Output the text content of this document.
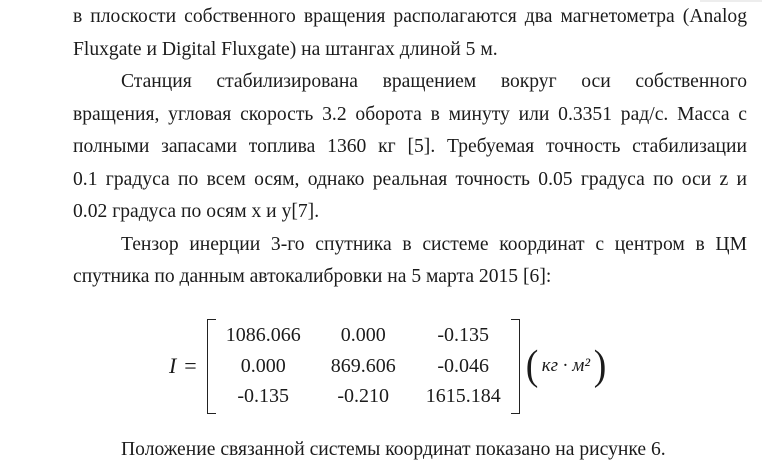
в плоскости собственного вращения располагаются два магнетометра (Analog
Fluxgate и Digital Fluxgate) на штангах длиной 5 м.
Станция стабилизирована вращением вокруг оси собственного
вращения, угловая скорость 3.2 оборота в минуту или 0.3351 рад/с. Масса с
полными запасами топлива 1360 кг [5]. Требуемая точность стабилизации
0.1 градуса по всем осям, однако реальная точность 0.05 градуса по оси z и
0.02 градуса по осям x и y[7].
Тензор инерции 3-го спутника в системе координат с центром в ЦМ
спутника по данным автокалибровки на 5 марта 2015 [6]:
I =
1086.066	0.000	-0.135
0.000	869.606	-0.046
-0.135	-0.210	1615.184
( кг · м² )
Положение связанной системы координат показано на рисунке 6.
